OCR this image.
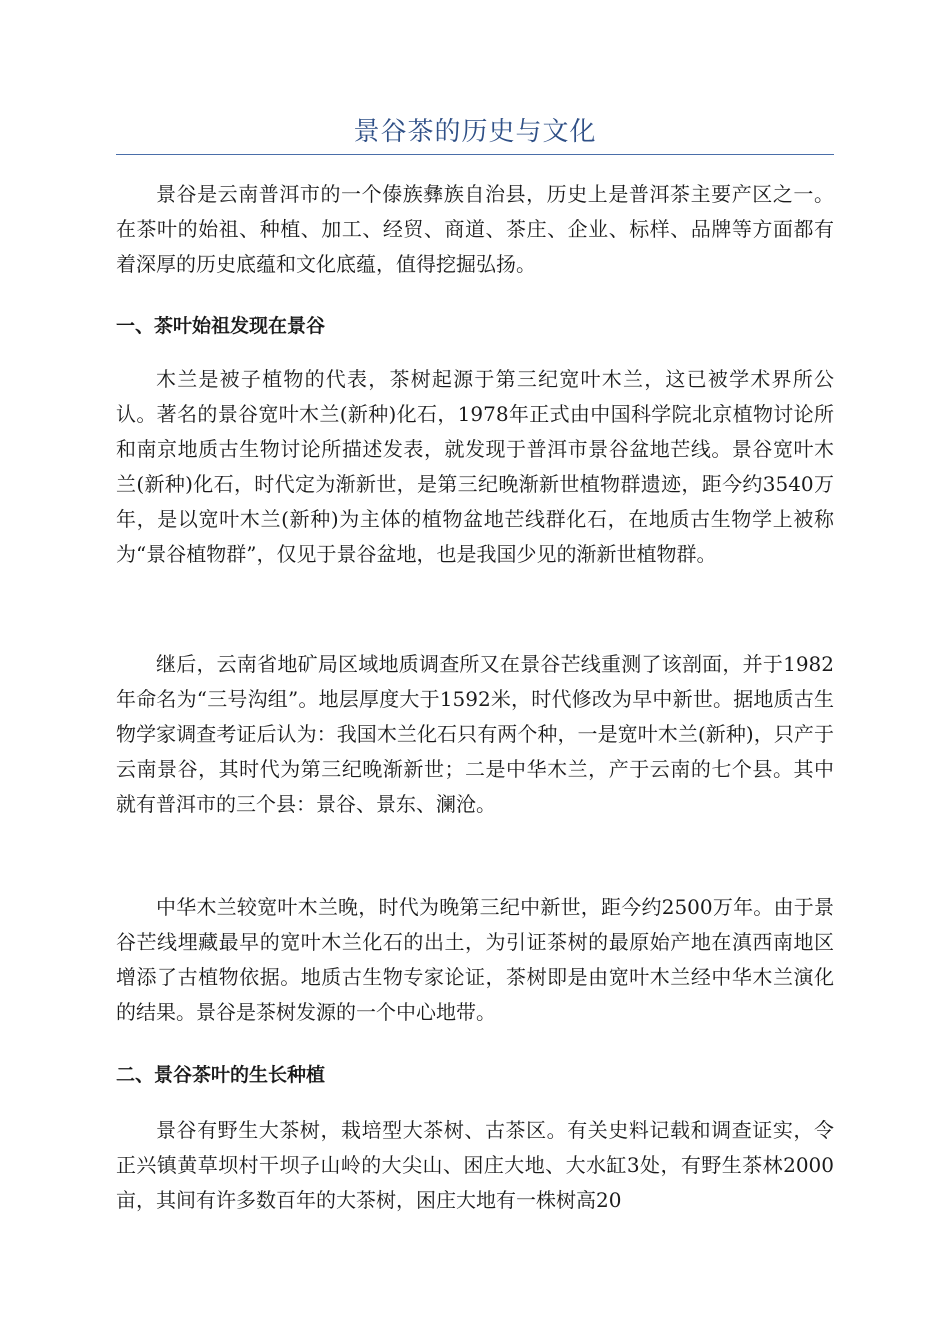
景谷茶的历史与文化

景谷是云南普洱市的一个傣族彝族自治县，历史上是普洱茶主要产区之一。在茶叶的始祖、种植、加工、经贸、商道、茶庄、企业、标样、品牌等方面都有着深厚的历史底蕴和文化底蕴，值得挖掘弘扬。

一、茶叶始祖发现在景谷

木兰是被子植物的代表，茶树起源于第三纪宽叶木兰，这已被学术界所公认。著名的景谷宽叶木兰(新种)化石，1978年正式由中国科学院北京植物讨论所和南京地质古生物讨论所描述发表，就发现于普洱市景谷盆地芒线。景谷宽叶木兰(新种)化石，时代定为渐新世，是第三纪晚渐新世植物群遗迹，距今约3540万年，是以宽叶木兰(新种)为主体的植物盆地芒线群化石，在地质古生物学上被称为“景谷植物群”，仅见于景谷盆地，也是我国少见的渐新世植物群。

继后，云南省地矿局区域地质调查所又在景谷芒线重测了该剖面，并于1982年命名为“三号沟组”。地层厚度大于1592米，时代修改为早中新世。据地质古生物学家调查考证后认为：我国木兰化石只有两个种，一是宽叶木兰(新种)，只产于云南景谷，其时代为第三纪晚渐新世；二是中华木兰，产于云南的七个县。其中就有普洱市的三个县：景谷、景东、澜沧。

中华木兰较宽叶木兰晚，时代为晚第三纪中新世，距今约2500万年。由于景谷芒线埋藏最早的宽叶木兰化石的出土，为引证茶树的最原始产地在滇西南地区增添了古植物依据。地质古生物专家论证，茶树即是由宽叶木兰经中华木兰演化的结果。景谷是茶树发源的一个中心地带。

二、景谷茶叶的生长种植

景谷有野生大茶树，栽培型大茶树、古茶区。有关史料记载和调查证实，令正兴镇黄草坝村干坝子山岭的大尖山、困庄大地、大水缸3处，有野生茶林2000亩，其间有许多数百年的大茶树，困庄大地有一株树高20
